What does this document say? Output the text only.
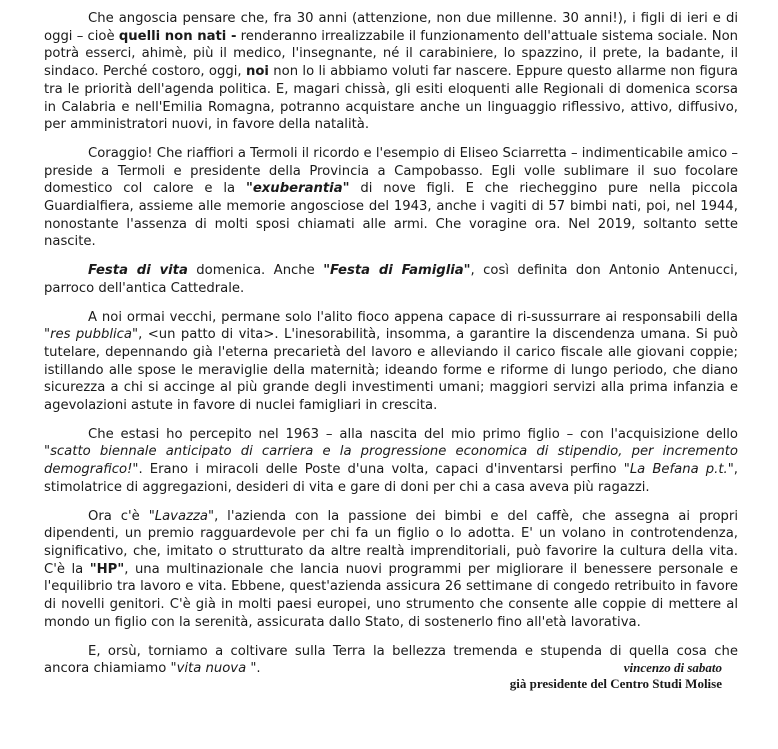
Che angoscia pensare che, fra 30 anni (attenzione, non due millenne. 30 anni!), i figli di ieri e di oggi – cioè quelli non nati - renderanno irrealizzabile il funzionamento dell'attuale sistema sociale. Non potrà esserci, ahimè, più il medico, l'insegnante, né il carabiniere, lo spazzino, il prete, la badante, il sindaco. Perché costoro, oggi, noi non lo li abbiamo voluti far nascere. Eppure questo allarme non figura tra le priorità dell'agenda politica. E, magari chissà, gli esiti eloquenti alle Regionali di domenica scorsa in Calabria e nell'Emilia Romagna, potranno acquistare anche un linguaggio riflessivo, attivo, diffusivo, per amministratori nuovi, in favore della natalità.

Coraggio! Che riaffiori a Termoli il ricordo e l'esempio di Eliseo Sciarretta – indimenticabile amico – preside a Termoli e presidente della Provincia a Campobasso. Egli volle sublimare il suo focolare domestico col calore e la "exuberantia" di nove figli. E che riecheggino pure nella piccola Guardialfiera, assieme alle memorie angosciose del 1943, anche i vagiti di 57 bimbi nati, poi, nel 1944, nonostante l'assenza di molti sposi chiamati alle armi. Che voragine ora. Nel 2019, soltanto sette nascite.

Festa di vita domenica. Anche "Festa di Famiglia", così definita don Antonio Antenucci, parroco dell'antica Cattedrale.

A noi ormai vecchi, permane solo l'alito fioco appena capace di ri-sussurrare ai responsabili della "res pubblica", <un patto di vita>. L'inesorabilità, insomma, a garantire la discendenza umana. Si può tutelare, depennando già l'eterna precarietà del lavoro e alleviando il carico fiscale alle giovani coppie; istillando alle spose le meraviglie della maternità; ideando forme e riforme di lungo periodo, che diano sicurezza a chi si accinge al più grande degli investimenti umani; maggiori servizi alla prima infanzia e agevolazioni astute in favore di nuclei famigliari in crescita.

Che estasi ho percepito nel 1963 – alla nascita del mio primo figlio – con l'acquisizione dello "scatto biennale anticipato di carriera e la progressione economica di stipendio, per incremento demografico!". Erano i miracoli delle Poste d'una volta, capaci d'inventarsi perfino "La Befana p.t.", stimolatrice di aggregazioni, desideri di vita e gare di doni per chi a casa aveva più ragazzi.

Ora c'è "Lavazza", l'azienda con la passione dei bimbi e del caffè, che assegna ai propri dipendenti, un premio ragguardevole per chi fa un figlio o lo adotta. E' un volano in controtendenza, significativo, che, imitato o strutturato da altre realtà imprenditoriali, può favorire la cultura della vita. C'è la "HP", una multinazionale che lancia nuovi programmi per migliorare il benessere personale e l'equilibrio tra lavoro e vita. Ebbene, quest'azienda assicura 26 settimane di congedo retribuito in favore di novelli genitori. C'è già in molti paesi europei, uno strumento che consente alle coppie di mettere al mondo un figlio con la serenità, assicurata dallo Stato, di sostenerlo fino all'età lavorativa.

E, orsù, torniamo a coltivare sulla Terra la bellezza tremenda e stupenda di quella cosa che ancora chiamiamo "vita nuova ".	vincenzo di sabato
già presidente del Centro Studi Molise
